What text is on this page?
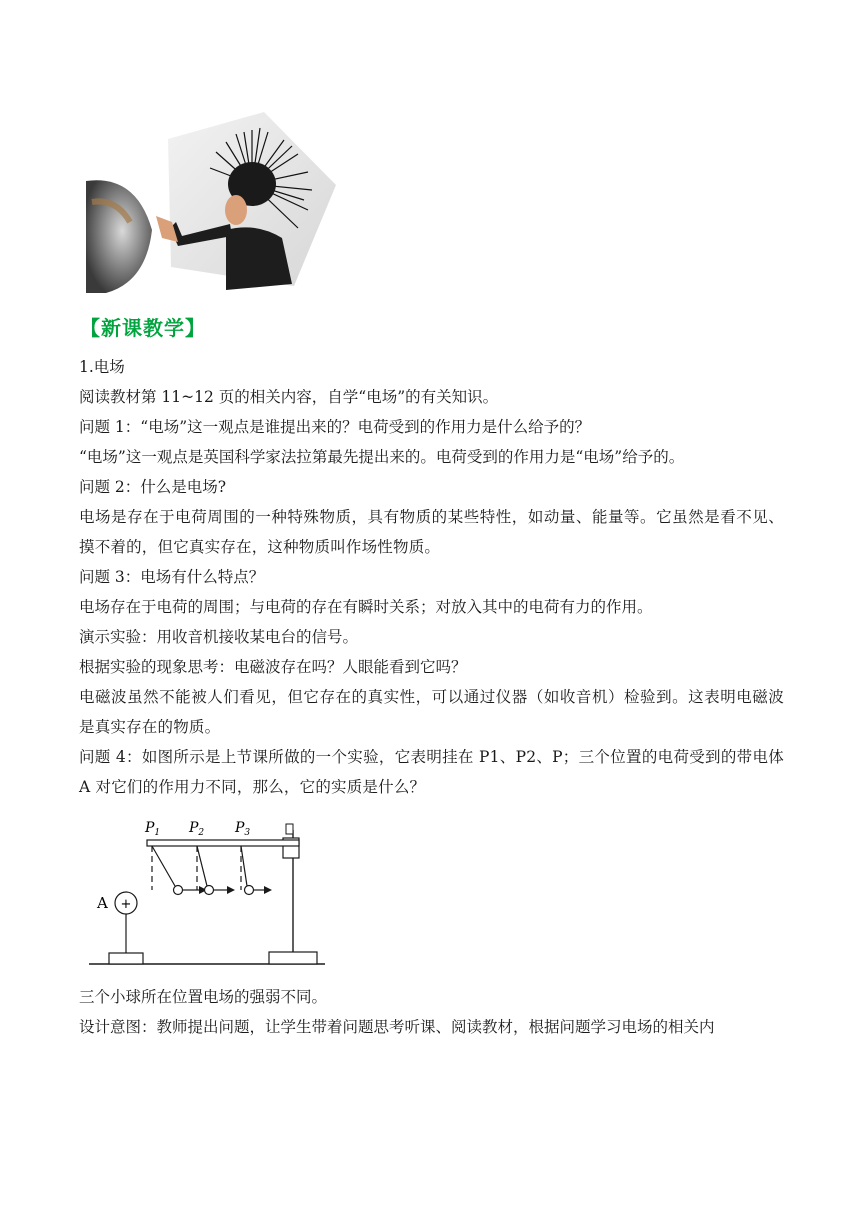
【新课教学】
1.电场
阅读教材第 11~12 页的相关内容，自学“电场”的有关知识。
问题 1：“电场”这一观点是谁提出来的？电荷受到的作用力是什么给予的？
“电场”这一观点是英国科学家法拉第最先提出来的。电荷受到的作用力是“电场”给予的。
问题 2：什么是电场?
电场是存在于电荷周围的一种特殊物质，具有物质的某些特性，如动量、能量等。它虽然是看不见、摸不着的，但它真实存在，这种物质叫作场性物质。
问题 3：电场有什么特点？
电场存在于电荷的周围；与电荷的存在有瞬时关系；对放入其中的电荷有力的作用。
演示实验：用收音机接收某电台的信号。
根据实验的现象思考：电磁波存在吗？人眼能看到它吗？
电磁波虽然不能被人们看见，但它存在的真实性，可以通过仪器（如收音机）检验到。这表明电磁波是真实存在的物质。
问题 4：如图所示是上节课所做的一个实验，它表明挂在 P1、P2、P；三个位置的电荷受到的带电体 A 对它们的作用力不同，那么，它的实质是什么？
+
A
$P_1$ $P_2$ $P_3$
三个小球所在位置电场的强弱不同。
设计意图：教师提出问题，让学生带着问题思考听课、阅读教材，根据问题学习电场的相关内
